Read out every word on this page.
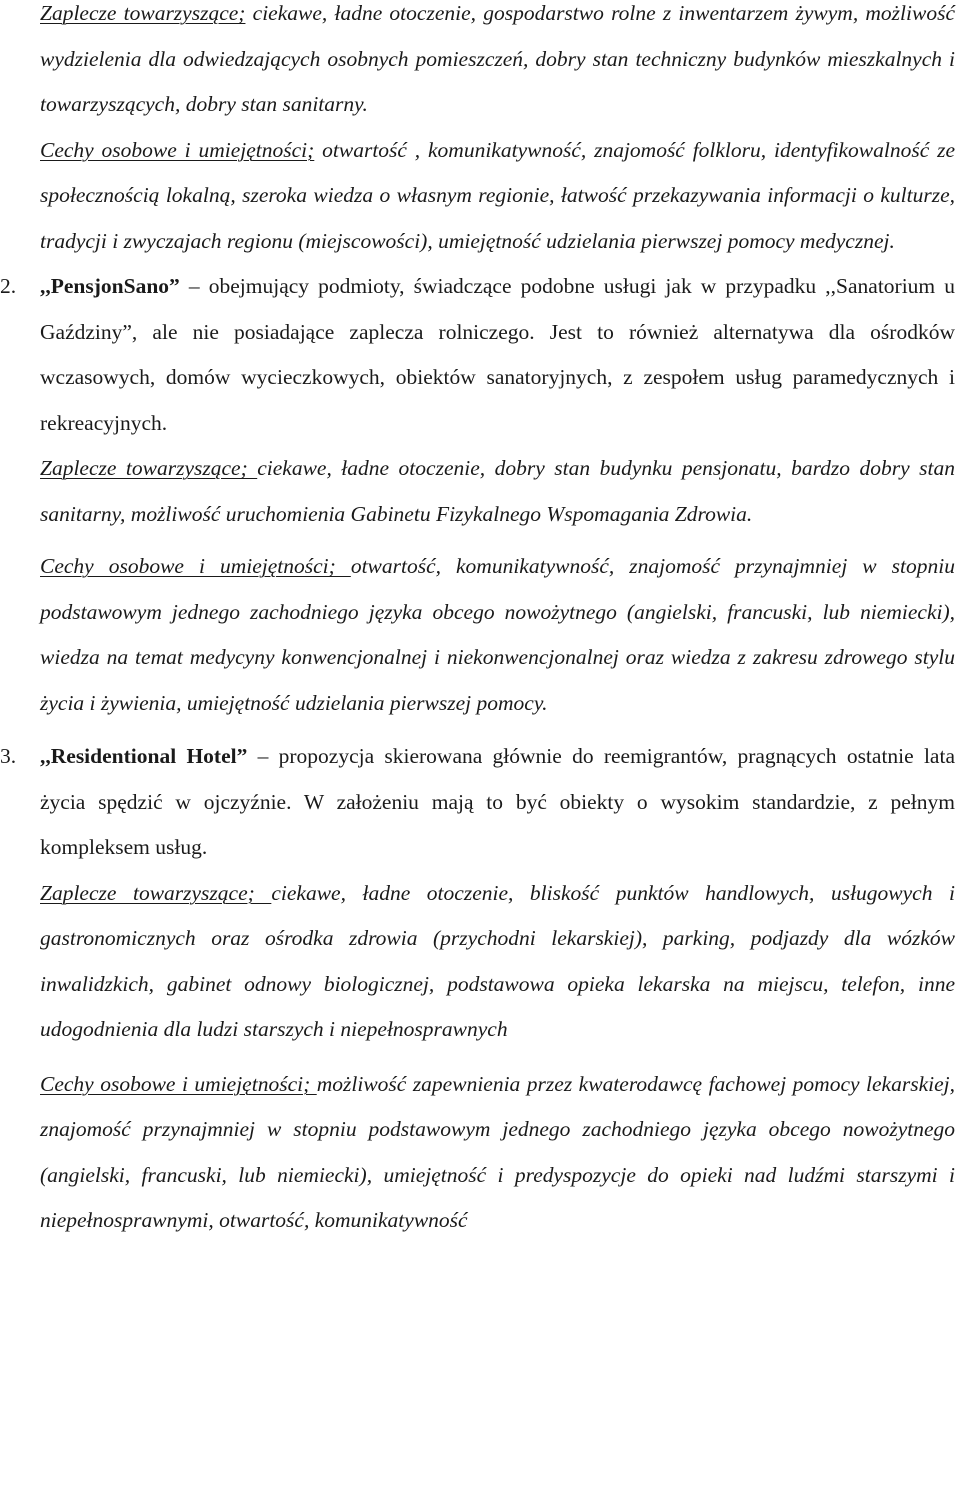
Zaplecze towarzyszące; ciekawe, ładne otoczenie, gospodarstwo rolne z inwentarzem żywym, możliwość wydzielenia dla odwiedzających osobnych pomieszczeń, dobry stan techniczny budynków mieszkalnych i towarzyszących, dobry stan sanitarny.

Cechy osobowe i umiejętności; otwartość , komunikatywność, znajomość folkloru, identyfikowalność ze społecznością lokalną, szeroka wiedza o własnym regionie, łatwość przekazywania informacji o kulturze, tradycji i zwyczajach regionu (miejscowości), umiejętność udzielania pierwszej pomocy medycznej.

2. ,,PensjonSano” – obejmujący podmioty, świadczące podobne usługi jak w przypadku ,,Sanatorium u Gaździny”, ale nie posiadające zaplecza rolniczego. Jest to również alternatywa dla ośrodków wczasowych, domów wycieczkowych, obiektów sanatoryjnych, z zespołem usług paramedycznych i rekreacyjnych.

Zaplecze towarzyszące; ciekawe, ładne otoczenie, dobry stan budynku pensjonatu, bardzo dobry stan sanitarny, możliwość uruchomienia Gabinetu Fizykalnego Wspomagania Zdrowia.

Cechy osobowe i umiejętności; otwartość, komunikatywność, znajomość przynajmniej w stopniu podstawowym jednego zachodniego języka obcego nowożytnego (angielski, francuski, lub niemiecki), wiedza na temat medycyny konwencjonalnej i niekonwencjonalnej oraz wiedza z zakresu zdrowego stylu życia i żywienia, umiejętność udzielania pierwszej pomocy.

3. ,,Residentional Hotel” – propozycja skierowana głównie do reemigrantów, pragnących ostatnie lata życia spędzić w ojczyźnie. W założeniu mają to być obiekty o wysokim standardzie, z pełnym kompleksem usług.

Zaplecze towarzyszące; ciekawe, ładne otoczenie, bliskość punktów handlowych, usługowych i gastronomicznych oraz ośrodka zdrowia (przychodni lekarskiej), parking, podjazdy dla wózków inwalidzkich, gabinet odnowy biologicznej, podstawowa opieka lekarska na miejscu, telefon, inne udogodnienia dla ludzi starszych i niepełnosprawnych

Cechy osobowe i umiejętności; możliwość zapewnienia przez kwaterodawcę fachowej pomocy lekarskiej, znajomość przynajmniej w stopniu podstawowym jednego zachodniego języka obcego nowożytnego (angielski, francuski, lub niemiecki), umiejętność i predyspozycje do opieki nad ludźmi starszymi i niepełnosprawnymi, otwartość, komunikatywność
